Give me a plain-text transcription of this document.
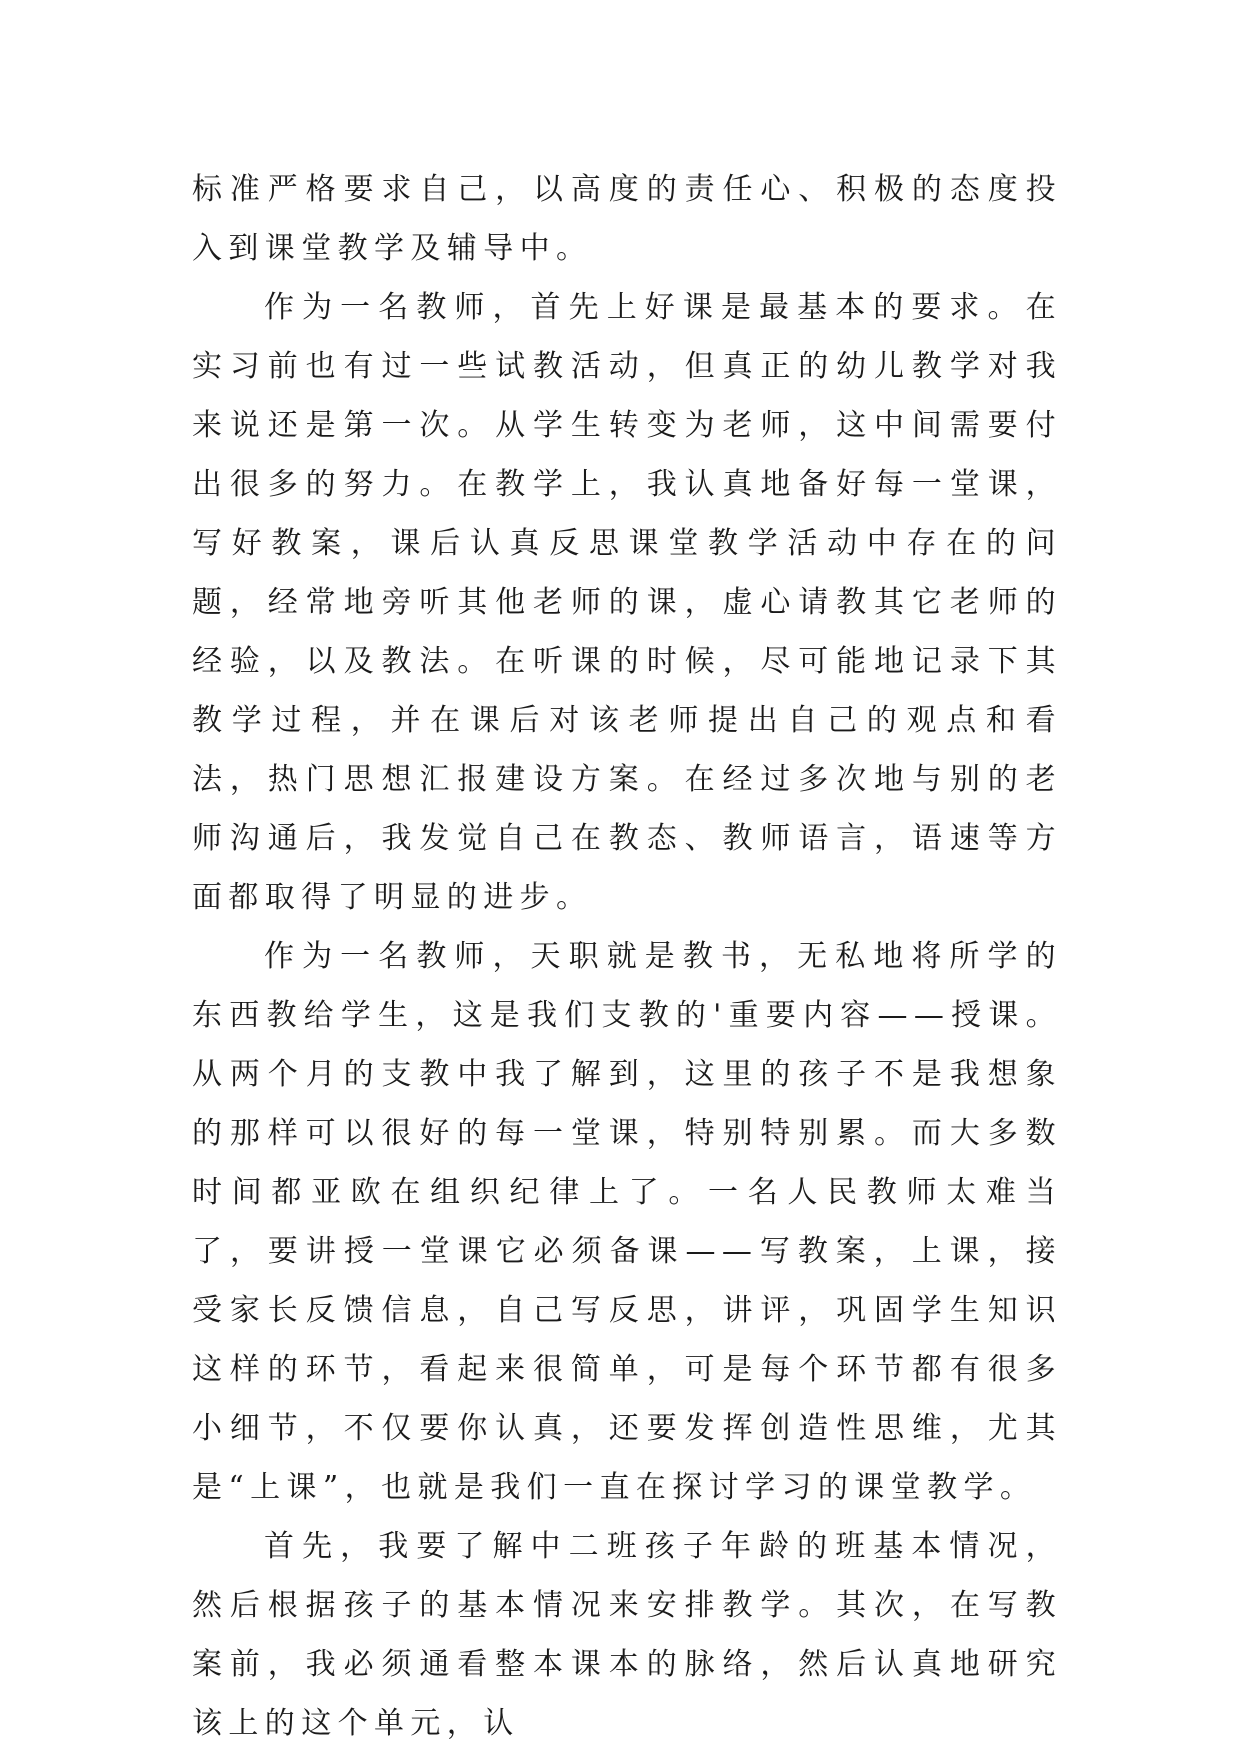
标准严格要求自己，以高度的责任心、积极的态度投入到课堂教学及辅导中。

作为一名教师，首先上好课是最基本的要求。在实习前也有过一些试教活动，但真正的幼儿教学对我来说还是第一次。从学生转变为老师，这中间需要付出很多的努力。在教学上，我认真地备好每一堂课，写好教案，课后认真反思课堂教学活动中存在的问题，经常地旁听其他老师的课，虚心请教其它老师的经验，以及教法。在听课的时候，尽可能地记录下其教学过程，并在课后对该老师提出自己的观点和看法，热门思想汇报建设方案。在经过多次地与别的老师沟通后，我发觉自己在教态、教师语言，语速等方面都取得了明显的进步。

作为一名教师，天职就是教书，无私地将所学的东西教给学生，这是我们支教的'重要内容——授课。从两个月的支教中我了解到，这里的孩子不是我想象的那样可以很好的每一堂课，特别特别累。而大多数时间都亚欧在组织纪律上了。一名人民教师太难当了，要讲授一堂课它必须备课——写教案，上课，接受家长反馈信息，自己写反思，讲评，巩固学生知识这样的环节，看起来很简单，可是每个环节都有很多小细节，不仅要你认真，还要发挥创造性思维，尤其是“上课”，也就是我们一直在探讨学习的课堂教学。

首先，我要了解中二班孩子年龄的班基本情况，然后根据孩子的基本情况来安排教学。其次，在写教案前，我必须通看整本课本的脉络，然后认真地研究该上的这个单元，认
